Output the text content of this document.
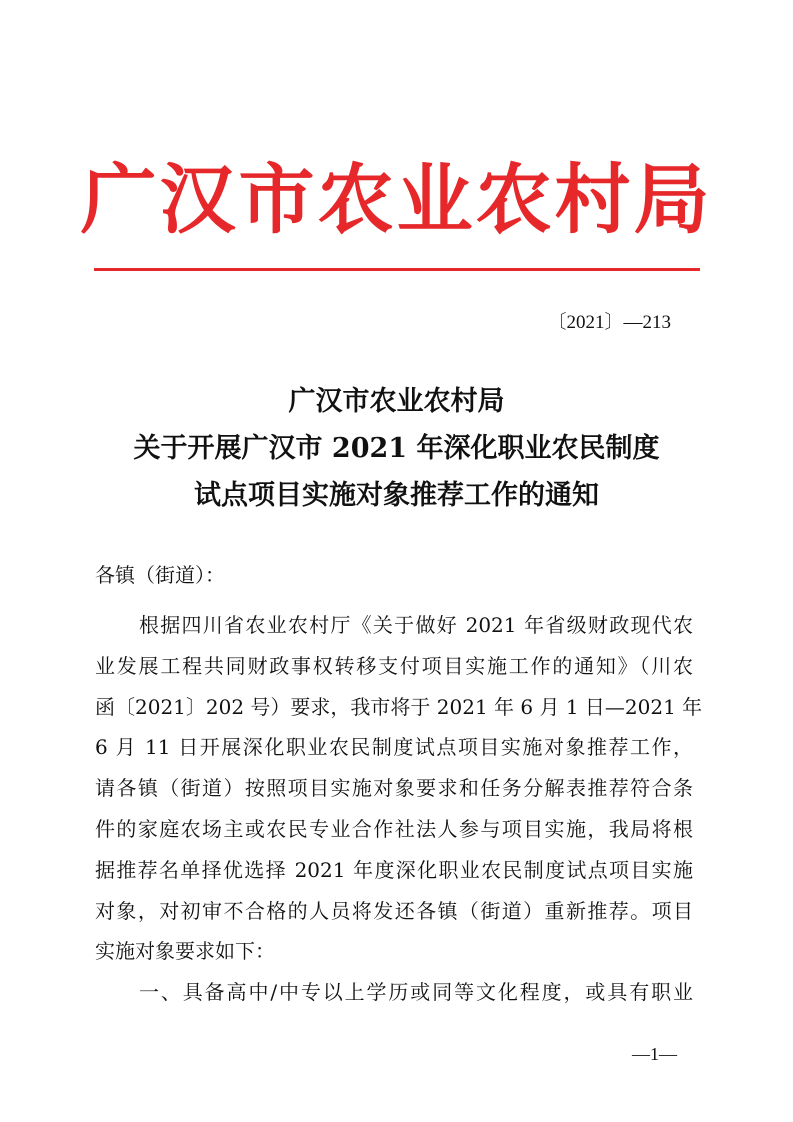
广汉市农业农村局
〔2021〕—213
广汉市农业农村局
关于开展广汉市 2021 年深化职业农民制度
试点项目实施对象推荐工作的通知
各镇（街道）：
根据四川省农业农村厅《关于做好 2021 年省级财政现代农
业发展工程共同财政事权转移支付项目实施工作的通知》（川农
函〔2021〕202 号）要求，我市将于 2021 年 6 月 1 日—2021 年
6 月 11 日开展深化职业农民制度试点项目实施对象推荐工作，
请各镇（街道）按照项目实施对象要求和任务分解表推荐符合条
件的家庭农场主或农民专业合作社法人参与项目实施，我局将根
据推荐名单择优选择 2021 年度深化职业农民制度试点项目实施
对象，对初审不合格的人员将发还各镇（街道）重新推荐。项目
实施对象要求如下：
一、具备高中/中专以上学历或同等文化程度，或具有职业
—1—
